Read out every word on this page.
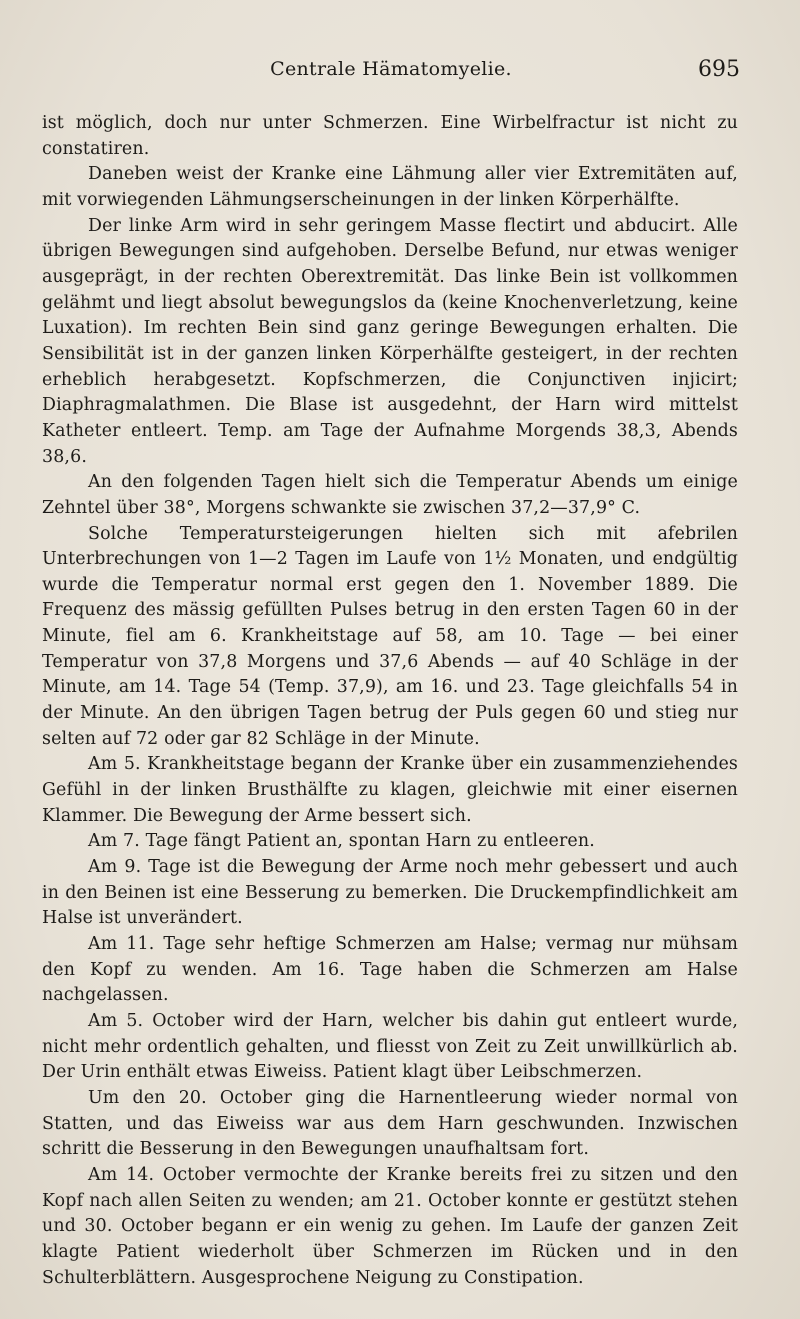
Centrale Hämatomyelie.	695

ist möglich, doch nur unter Schmerzen. Eine Wirbelfractur ist nicht zu constatiren.

Daneben weist der Kranke eine Lähmung aller vier Extremitäten auf, mit vorwiegenden Lähmungserscheinungen in der linken Körperhälfte.

Der linke Arm wird in sehr geringem Masse flectirt und abducirt. Alle übrigen Bewegungen sind aufgehoben. Derselbe Befund, nur etwas weniger ausgeprägt, in der rechten Oberextremität. Das linke Bein ist vollkommen gelähmt und liegt absolut bewegungslos da (keine Knochenverletzung, keine Luxation). Im rechten Bein sind ganz geringe Bewegungen erhalten. Die Sensibilität ist in der ganzen linken Körperhälfte gesteigert, in der rechten erheblich herabgesetzt. Kopfschmerzen, die Conjunctiven injicirt; Diaphragmalathmen. Die Blase ist ausgedehnt, der Harn wird mittelst Katheter entleert. Temp. am Tage der Aufnahme Morgends 38,3, Abends 38,6.

An den folgenden Tagen hielt sich die Temperatur Abends um einige Zehntel über 38°, Morgens schwankte sie zwischen 37,2—37,9° C.

Solche Temperatursteigerungen hielten sich mit afebrilen Unterbrechungen von 1—2 Tagen im Laufe von 1½ Monaten, und endgültig wurde die Temperatur normal erst gegen den 1. November 1889. Die Frequenz des mässig gefüllten Pulses betrug in den ersten Tagen 60 in der Minute, fiel am 6. Krankheitstage auf 58, am 10. Tage — bei einer Temperatur von 37,8 Morgens und 37,6 Abends — auf 40 Schläge in der Minute, am 14. Tage 54 (Temp. 37,9), am 16. und 23. Tage gleichfalls 54 in der Minute. An den übrigen Tagen betrug der Puls gegen 60 und stieg nur selten auf 72 oder gar 82 Schläge in der Minute.

Am 5. Krankheitstage begann der Kranke über ein zusammenziehendes Gefühl in der linken Brusthälfte zu klagen, gleichwie mit einer eisernen Klammer. Die Bewegung der Arme bessert sich.

Am 7. Tage fängt Patient an, spontan Harn zu entleeren.

Am 9. Tage ist die Bewegung der Arme noch mehr gebessert und auch in den Beinen ist eine Besserung zu bemerken. Die Druckempfindlichkeit am Halse ist unverändert.

Am 11. Tage sehr heftige Schmerzen am Halse; vermag nur mühsam den Kopf zu wenden. Am 16. Tage haben die Schmerzen am Halse nachgelassen.

Am 5. October wird der Harn, welcher bis dahin gut entleert wurde, nicht mehr ordentlich gehalten, und fliesst von Zeit zu Zeit unwillkürlich ab. Der Urin enthält etwas Eiweiss. Patient klagt über Leibschmerzen.

Um den 20. October ging die Harnentleerung wieder normal von Statten, und das Eiweiss war aus dem Harn geschwunden. Inzwischen schritt die Besserung in den Bewegungen unaufhaltsam fort.

Am 14. October vermochte der Kranke bereits frei zu sitzen und den Kopf nach allen Seiten zu wenden; am 21. October konnte er gestützt stehen und 30. October begann er ein wenig zu gehen. Im Laufe der ganzen Zeit klagte Patient wiederholt über Schmerzen im Rücken und in den Schulterblättern. Ausgesprochene Neigung zu Constipation.
